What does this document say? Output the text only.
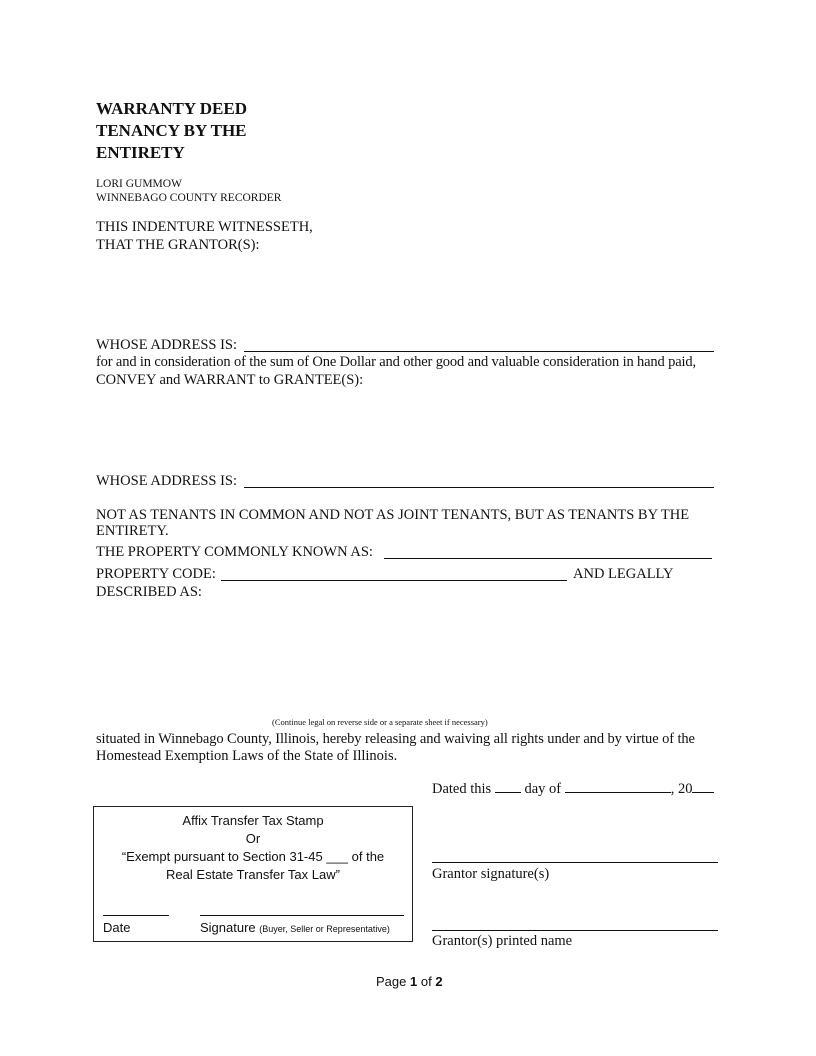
WARRANTY DEED
TENANCY BY THE
ENTIRETY
LORI GUMMOW
WINNEBAGO COUNTY RECORDER
THIS INDENTURE WITNESSETH,
THAT THE GRANTOR(S):
WHOSE ADDRESS IS:
for and in consideration of the sum of One Dollar and other good and valuable consideration in hand paid,
CONVEY and WARRANT to GRANTEE(S):
WHOSE ADDRESS IS:
NOT AS TENANTS IN COMMON AND NOT AS JOINT TENANTS, BUT AS TENANTS BY THE
ENTIRETY.
THE PROPERTY COMMONLY KNOWN AS:
PROPERTY CODE:	AND LEGALLY
DESCRIBED AS:
(Continue legal on reverse side or a separate sheet if necessary)
situated in Winnebago County, Illinois, hereby releasing and waiving all rights under and by virtue of the
Homestead Exemption Laws of the State of Illinois.
Dated this day of	, 20
Affix Transfer Tax Stamp
Or
“Exempt pursuant to Section 31-45 ___ of the
Real Estate Transfer Tax Law”
Date	Signature (Buyer, Seller or Representative)
Grantor signature(s)
Grantor(s) printed name
Page 1 of 2
